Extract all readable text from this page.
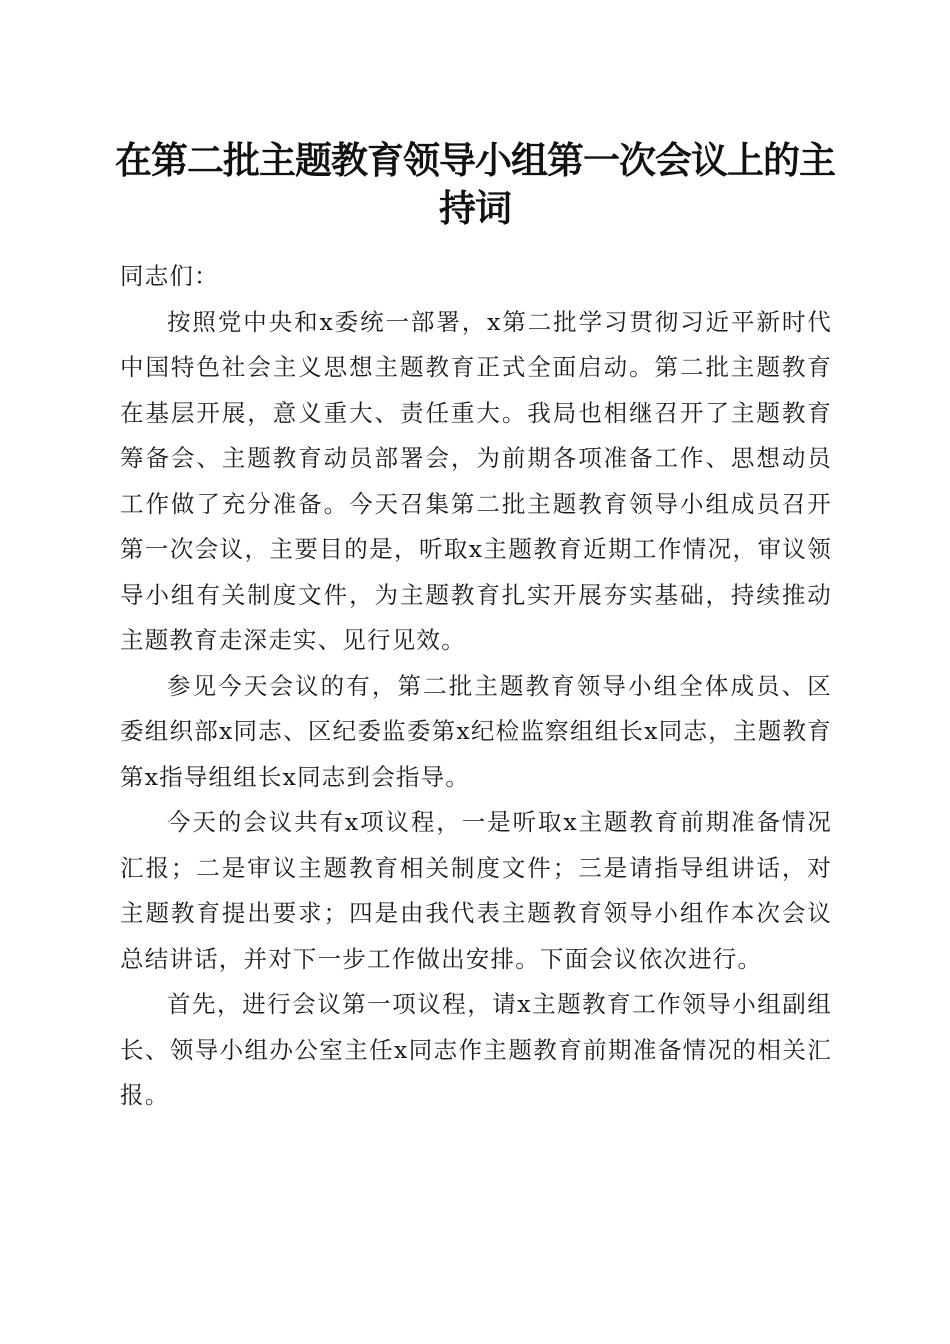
在第二批主题教育领导小组第一次会议上的主持词

同志们：

按照党中央和x委统一部署，x第二批学习贯彻习近平新时代中国特色社会主义思想主题教育正式全面启动。第二批主题教育在基层开展，意义重大、责任重大。我局也相继召开了主题教育筹备会、主题教育动员部署会，为前期各项准备工作、思想动员工作做了充分准备。今天召集第二批主题教育领导小组成员召开第一次会议，主要目的是，听取x主题教育近期工作情况，审议领导小组有关制度文件，为主题教育扎实开展夯实基础，持续推动主题教育走深走实、见行见效。

参见今天会议的有，第二批主题教育领导小组全体成员、区委组织部x同志、区纪委监委第x纪检监察组组长x同志，主题教育第x指导组组长x同志到会指导。

今天的会议共有x项议程，一是听取x主题教育前期准备情况汇报；二是审议主题教育相关制度文件；三是请指导组讲话，对主题教育提出要求；四是由我代表主题教育领导小组作本次会议总结讲话，并对下一步工作做出安排。下面会议依次进行。

首先，进行会议第一项议程，请x主题教育工作领导小组副组长、领导小组办公室主任x同志作主题教育前期准备情况的相关汇报。
